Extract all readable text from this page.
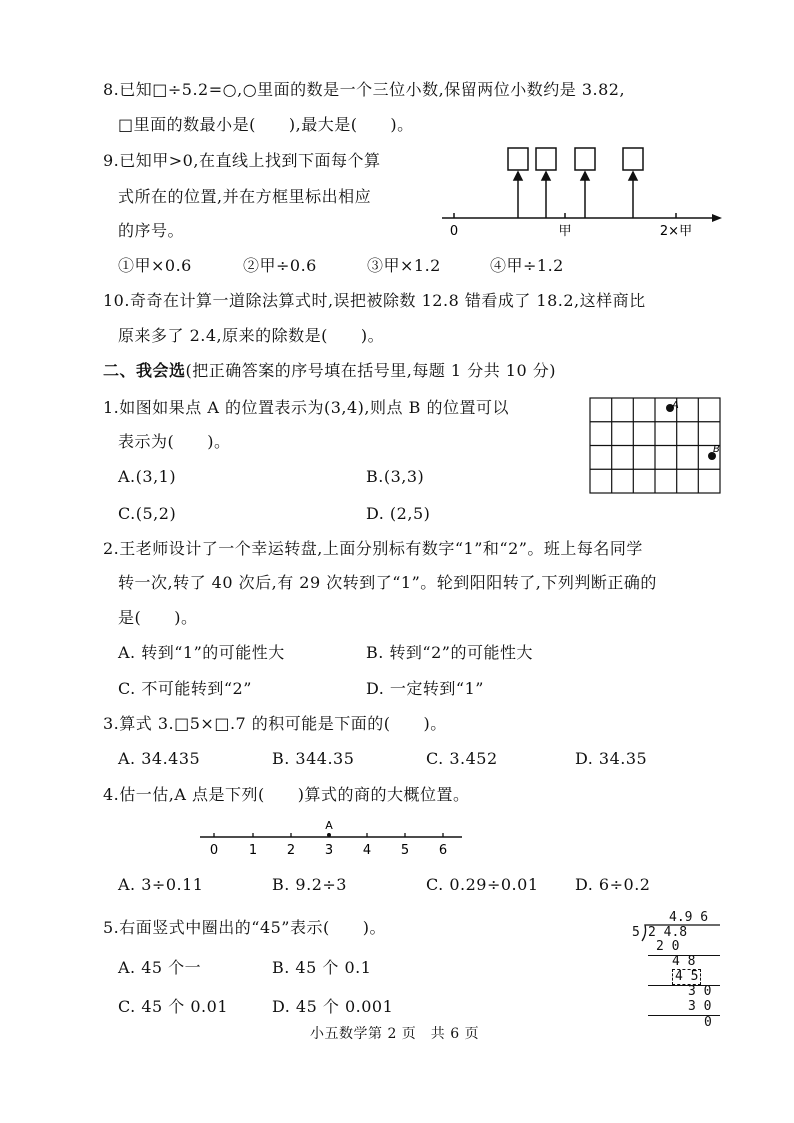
8.已知□÷5.2=○,○里面的数是一个三位小数,保留两位小数约是 3.82,
□里面的数最小是(　　),最大是(　　)。
9.已知甲>0,在直线上找到下面每个算
式所在的位置,并在方框里标出相应
的序号。	0	甲	2×甲
①甲×0.6	②甲÷0.6	③甲×1.2	④甲÷1.2
10.奇奇在计算一道除法算式时,误把被除数 12.8 错看成了 18.2,这样商比
原来多了 2.4,原来的除数是(　　)。
二、我会选(把正确答案的序号填在括号里,每题 1 分共 10 分)
1.如图如果点 A 的位置表示为(3,4),则点 B 的位置可以
表示为(　　)。
A.(3,1)	B.(3,3)
C.(5,2)	D. (2,5)
A
B
2.王老师设计了一个幸运转盘,上面分别标有数字“1”和“2”。班上每名同学
转一次,转了 40 次后,有 29 次转到了“1”。轮到阳阳转了,下列判断正确的
是(　　)。
A. 转到“1”的可能性大	B. 转到“2”的可能性大
C. 不可能转到“2”	D. 一定转到“1”
3.算式 3.□5×□.7 的积可能是下面的(　　)。
A. 34.435	B. 344.35	C. 3.452	D. 34.35
4.估一估,A 点是下列(　　)算式的商的大概位置。
A
0 1 2 3 4 5 6
A. 3÷0.11	B. 9.2÷3	C. 0.29÷0.01 D. 6÷0.2
5.右面竖式中圈出的“45”表示(　　)。
A. 45 个一	B. 45 个 0.1
C. 45 个 0.01	D. 45 个 0.001
4.9 6
5 2 4.8
2 0
4 8
4 5
3 0
3 0
0
小五数学第 2 页　共 6 页
